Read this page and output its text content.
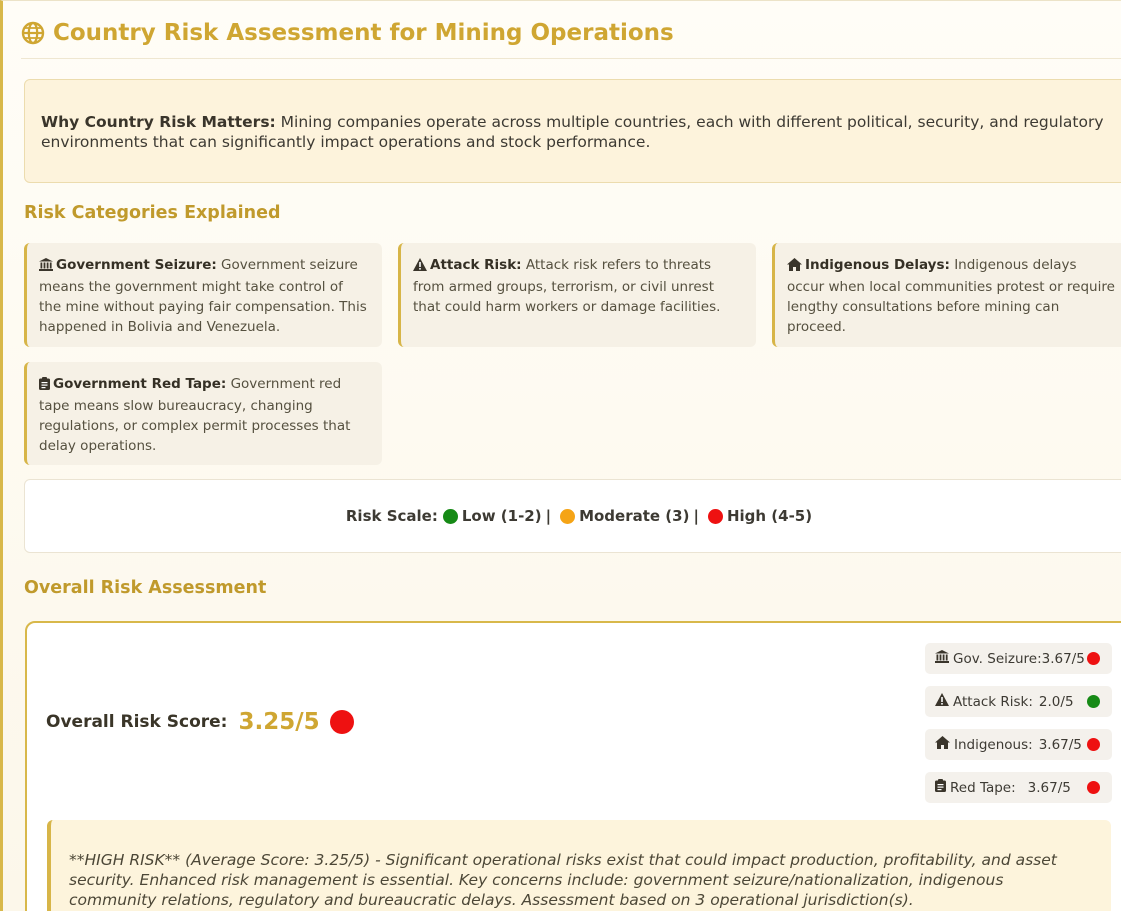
Country Risk Assessment for Mining Operations
Why Country Risk Matters: Mining companies operate across multiple countries, each with different political, security, and regulatory environments that can significantly impact operations and stock performance.
Risk Categories Explained
Government Seizure: Government seizure means the government might take control of the mine without paying fair compensation. This happened in Bolivia and Venezuela.
Attack Risk: Attack risk refers to threats from armed groups, terrorism, or civil unrest that could harm workers or damage facilities.
Indigenous Delays: Indigenous delays occur when local communities protest or require lengthy consultations before mining can proceed.
Government Red Tape: Government red tape means slow bureaucracy, changing regulations, or complex permit processes that delay operations.
Risk Scale: Low (1-2) | Moderate (3) | High (4-5)
Overall Risk Assessment
Overall Risk Score: 3.25/5
Gov. Seizure: 3.67/5
Attack Risk: 2.0/5
Indigenous: 3.67/5
Red Tape: 3.67/5
**HIGH RISK** (Average Score: 3.25/5) - Significant operational risks exist that could impact production, profitability, and asset security. Enhanced risk management is essential. Key concerns include: government seizure/nationalization, indigenous community relations, regulatory and bureaucratic delays. Assessment based on 3 operational jurisdiction(s).
